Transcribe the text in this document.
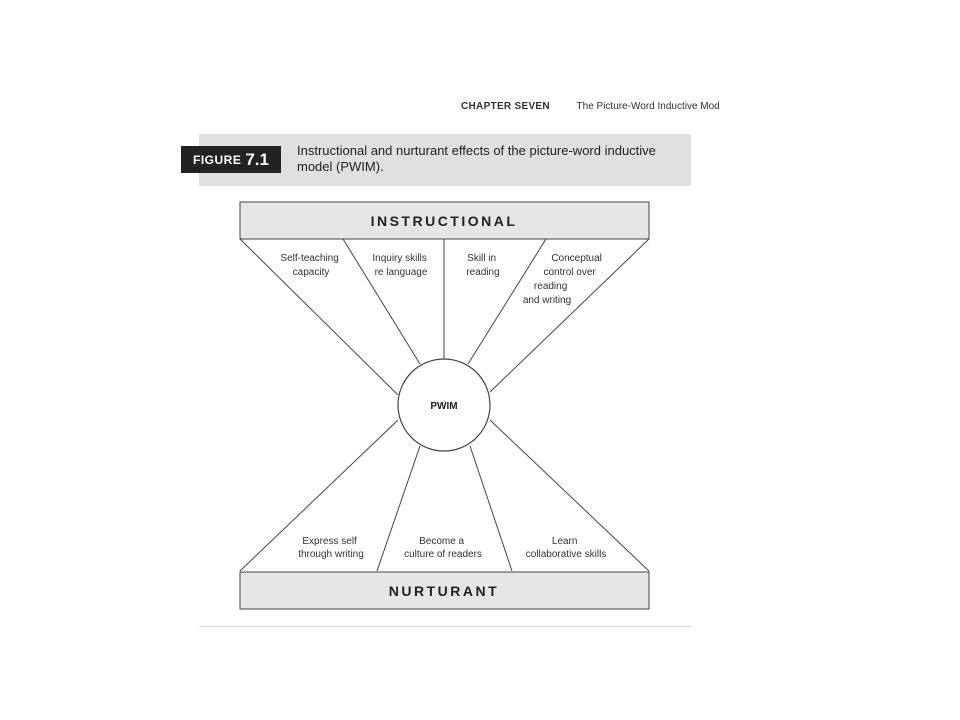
CHAPTER SEVEN	The Picture-Word Inductive Mod
FIGURE 7.1 Instructional and nurturant effects of the picture-word inductive model (PWIM).
PWIM
INSTRUCTIONAL
NURTURANT
Self-teaching capacity
Inquiry skills re language
Skill in reading
Conceptual control over reading and writing
Express self through writing
Become a culture of readers
Learn collaborative skills
